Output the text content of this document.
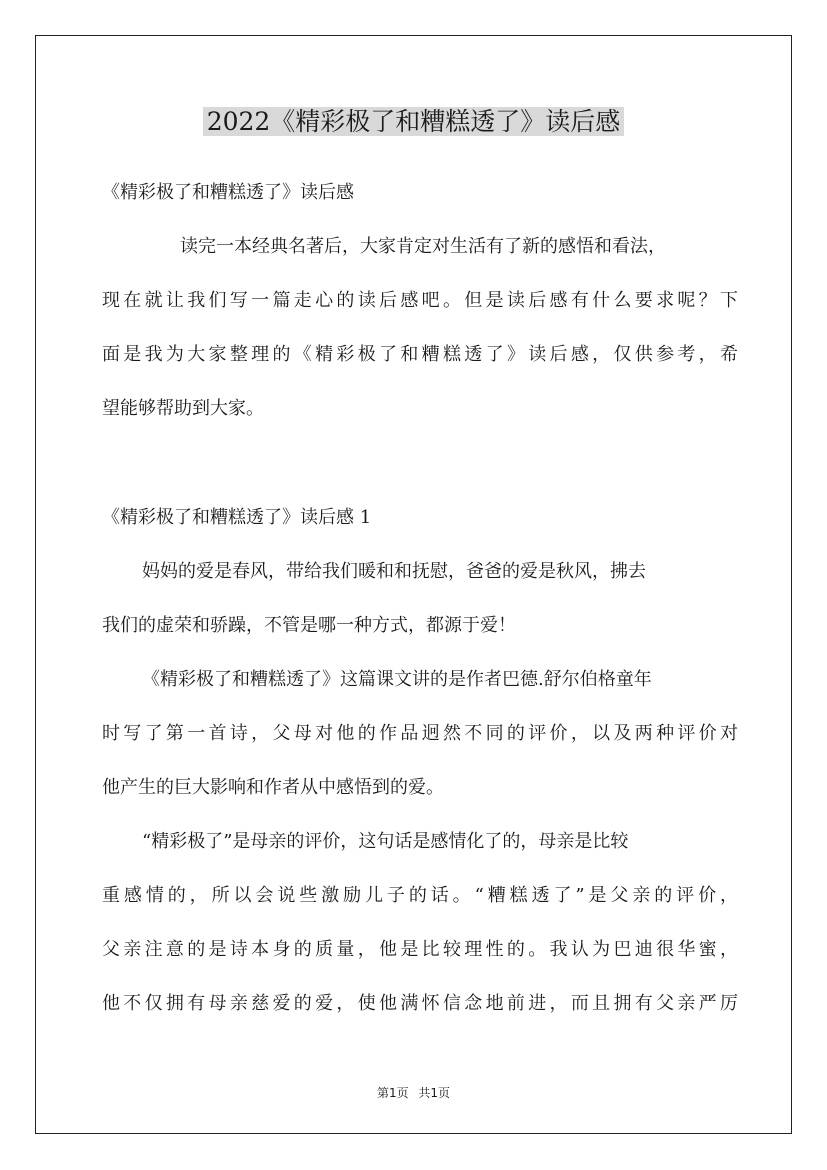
2022《精彩极了和糟糕透了》读后感
《精彩极了和糟糕透了》读后感
读完一本经典名著后，大家肯定对生活有了新的感悟和看法，
现在就让我们写一篇走心的读后感吧。但是读后感有什么要求呢？下
面是我为大家整理的《精彩极了和糟糕透了》读后感，仅供参考，希
望能够帮助到大家。
《精彩极了和糟糕透了》读后感 1
妈妈的爱是春风，带给我们暖和和抚慰，爸爸的爱是秋风，拂去
我们的虚荣和骄躁，不管是哪一种方式，都源于爱！
《精彩极了和糟糕透了》这篇课文讲的是作者巴德.舒尔伯格童年
时写了第一首诗，父母对他的作品迥然不同的评价，以及两种评价对
他产生的巨大影响和作者从中感悟到的爱。
“精彩极了”是母亲的评价，这句话是感情化了的，母亲是比较
重感情的，所以会说些激励儿子的话。“糟糕透了”是父亲的评价，
父亲注意的是诗本身的质量，他是比较理性的。我认为巴迪很华蜜，
他不仅拥有母亲慈爱的爱，使他满怀信念地前进，而且拥有父亲严厉
第1页 共1页
